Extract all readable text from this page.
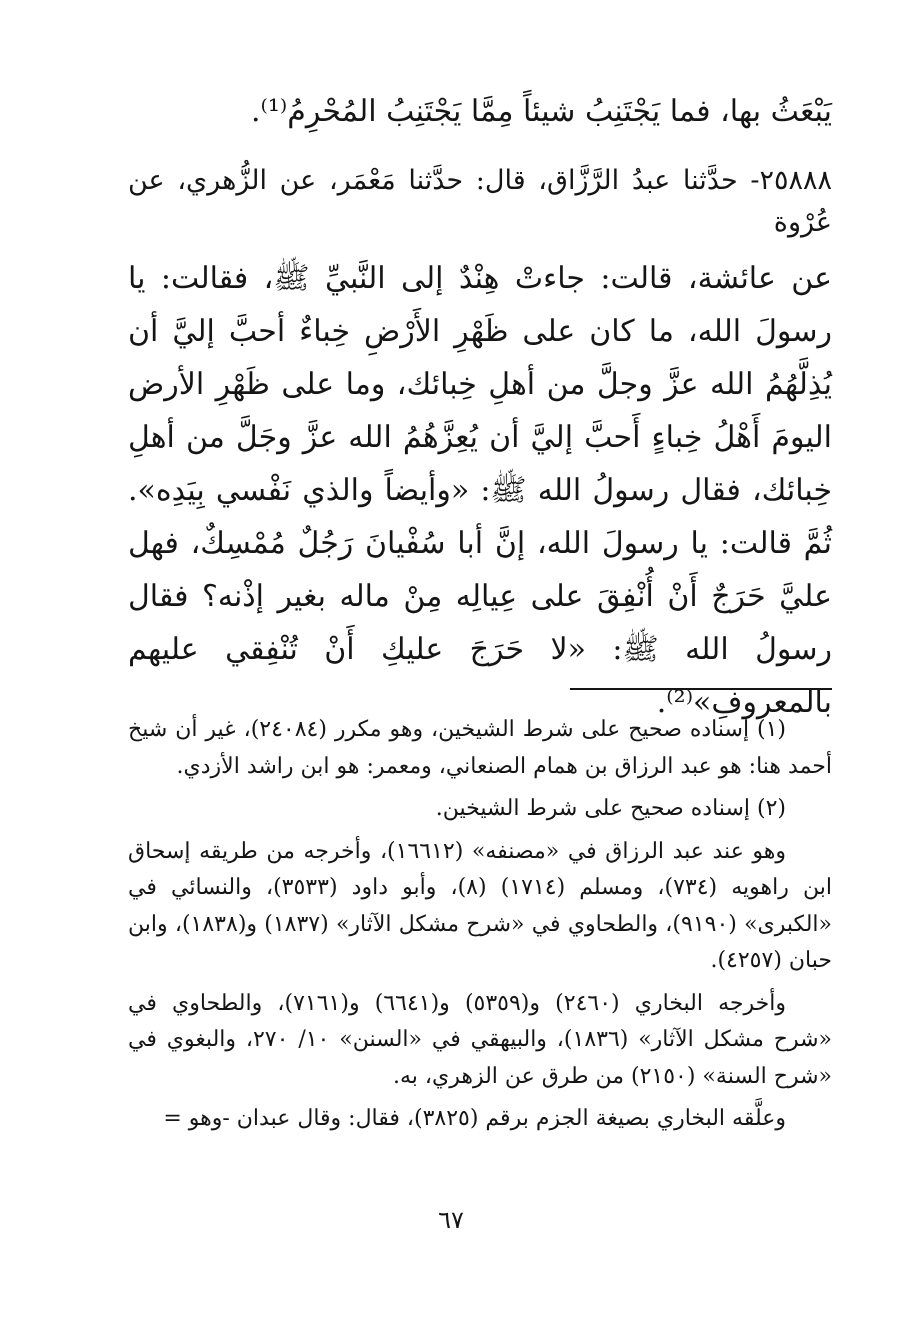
يَبْعَثُ بها، فما يَجْتَنِبُ شيئاً مِمَّا يَجْتَنِبُ المُحْرِمُ⁽¹⁾.
٢٥٨٨٨- حدَّثنا عبدُ الرَّزَّاق، قال: حدَّثنا مَعْمَر، عن الزُّهري، عن عُرْوة
عن عائشة، قالت: جاءتْ هِنْدٌ إلى النَّبيِّ ﷺ، فقالت: يا رسولَ الله، ما كان على ظَهْرِ الأَرْضِ خِباءٌ أحبَّ إليَّ أن يُذِلَّهُمُ الله عزَّ وجلَّ من أهلِ خِبائك، وما على ظَهْرِ الأرض اليومَ أَهْلُ خِباءٍ أَحبَّ إليَّ أن يُعِزَّهُمُ الله عزَّ وجَلَّ من أهلِ خِبائك، فقال رسولُ الله ﷺ: «وأيضاً والذي نَفْسي بِيَدِه». ثُمَّ قالت: يا رسولَ الله، إنَّ أبا سُفْيانَ رَجُلٌ مُمْسِكٌ، فهل عليَّ حَرَجٌ أَنْ أُنْفِقَ على عِيالِه مِنْ ماله بغير إذْنه؟ فقال رسولُ الله ﷺ: «لا حَرَجَ عليكِ أَنْ تُنْفِقي عليهم بالمعروفِ»⁽²⁾.

(١) إسناده صحيح على شرط الشيخين، وهو مكرر (٢٤٠٨٤)، غير أن شيخ أحمد هنا: هو عبد الرزاق بن همام الصنعاني، ومعمر: هو ابن راشد الأزدي.

(٢) إسناده صحيح على شرط الشيخين.

وهو عند عبد الرزاق في «مصنفه» (١٦٦١٢)، وأخرجه من طريقه إسحاق ابن راهويه (٧٣٤)، ومسلم (١٧١٤) (٨)، وأبو داود (٣٥٣٣)، والنسائي في «الكبرى» (٩١٩٠)، والطحاوي في «شرح مشكل الآثار» (١٨٣٧) و(١٨٣٨)، وابن حبان (٤٢٥٧).

وأخرجه البخاري (٢٤٦٠) و(٥٣٥٩) و(٦٦٤١) و(٧١٦١)، والطحاوي في «شرح مشكل الآثار» (١٨٣٦)، والبيهقي في «السنن» ١٠/ ٢٧٠، والبغوي في «شرح السنة» (٢١٥٠) من طرق عن الزهري، به.

وعلَّقه البخاري بصيغة الجزم برقم (٣٨٢٥)، فقال: وقال عبدان -وهو =

٦٧
